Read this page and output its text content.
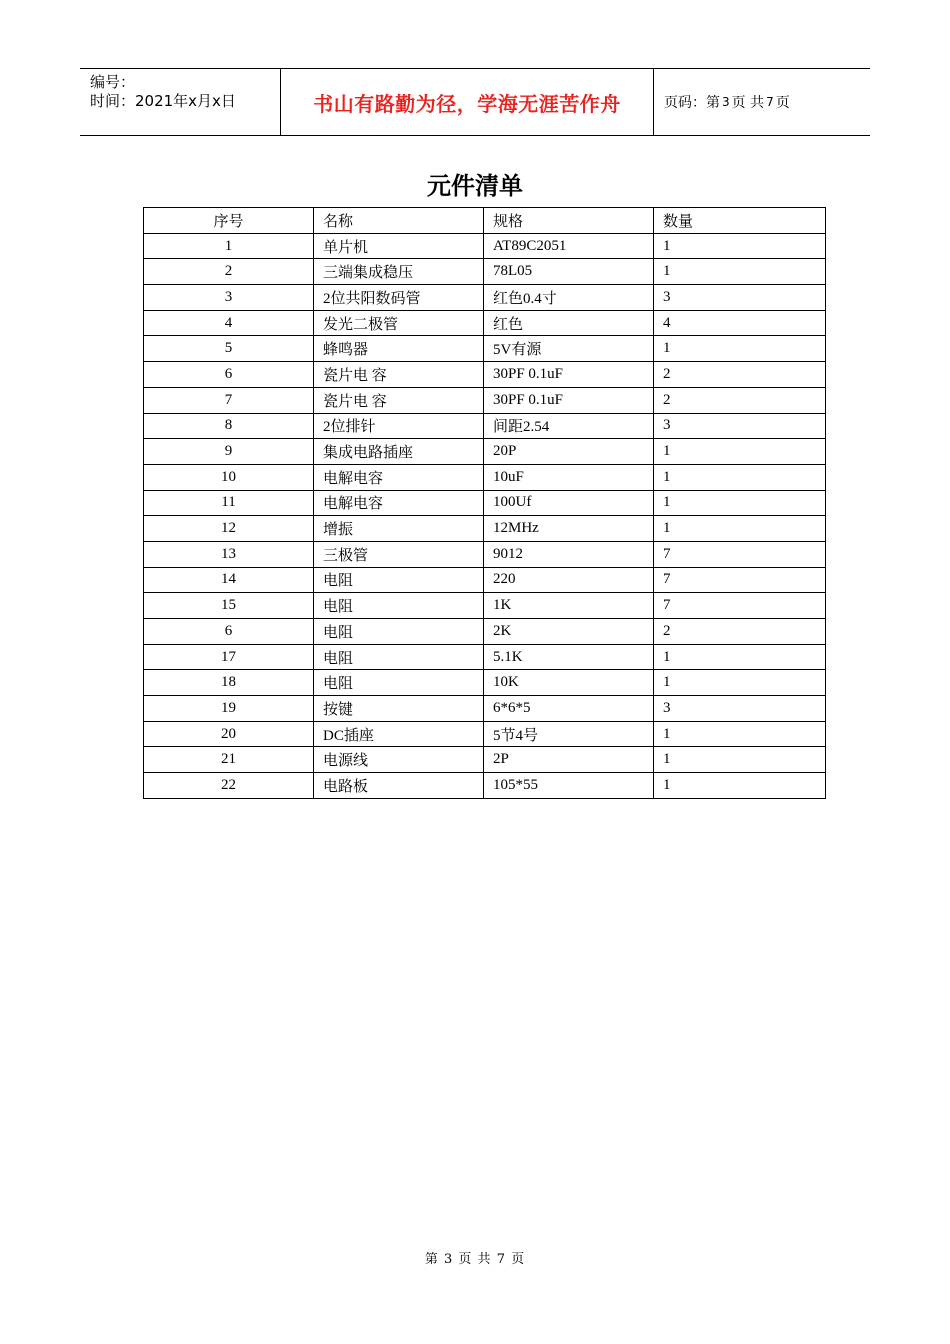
编号：
时间：2021年x月x日	书山有路勤为径，学海无涯苦作舟	页码：第 3 页 共 7 页
元件清单
序号	名称	规格	数量
1	单片机	AT89C2051	1
2	三端集成稳压	78L05	1
3	2位共阳数码管	红色0.4寸	3
4	发光二极管	红色	4
5	蜂鸣器	5V有源	1
6	瓷片电 容	30PF 0.1uF	2
7	瓷片电 容	30PF 0.1uF	2
8	2位排针	间距2.54	3
9	集成电路插座	20P	1
10	电解电容	10uF	1
11	电解电容	100Uf	1
12	增振	12MHz	1
13	三极管	9012	7
14	电阻	220	7
15	电阻	1K	7
6	电阻	2K	2
17	电阻	5.1K	1
18	电阻	10K	1
19	按键	6*6*5	3
20	DC插座	5节4号	1
21	电源线	2P	1
22	电路板	105*55	1
第 3 页 共 7 页
